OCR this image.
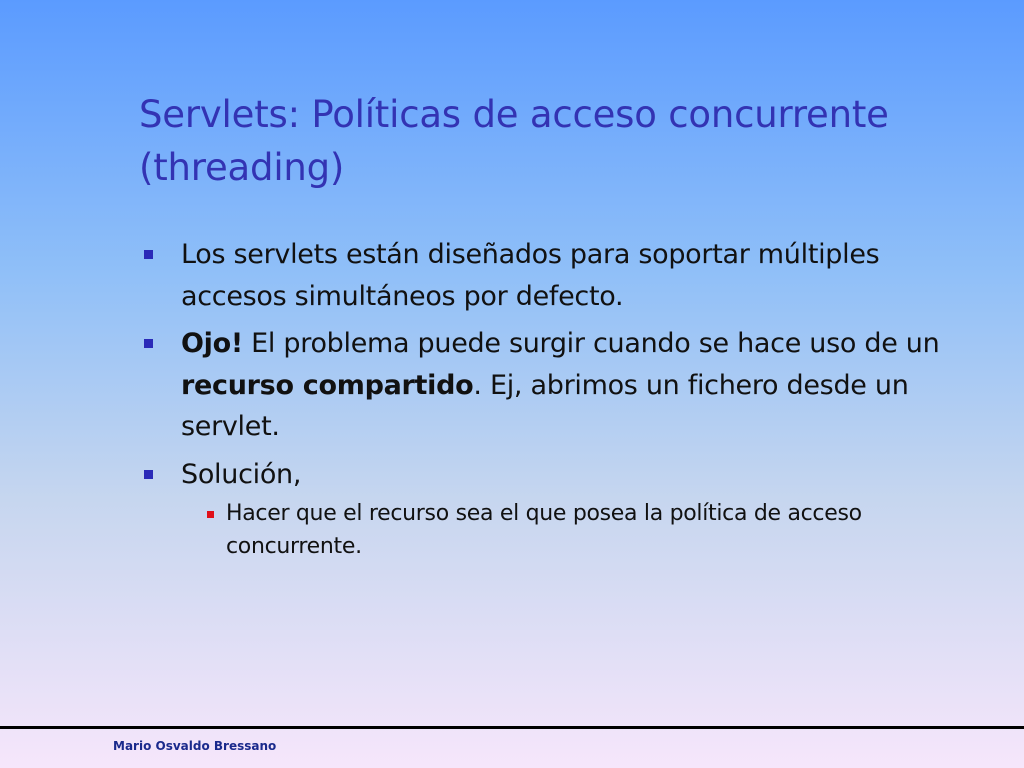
Servlets: Políticas de acceso concurrente (threading)
Los servlets están diseñados para soportar múltiples accesos simultáneos por defecto.
Ojo! El problema puede surgir cuando se hace uso de un recurso compartido. Ej, abrimos un fichero desde un servlet.
Solución,
Hacer que el recurso sea el que posea la política de acceso concurrente.
Mario Osvaldo Bressano
